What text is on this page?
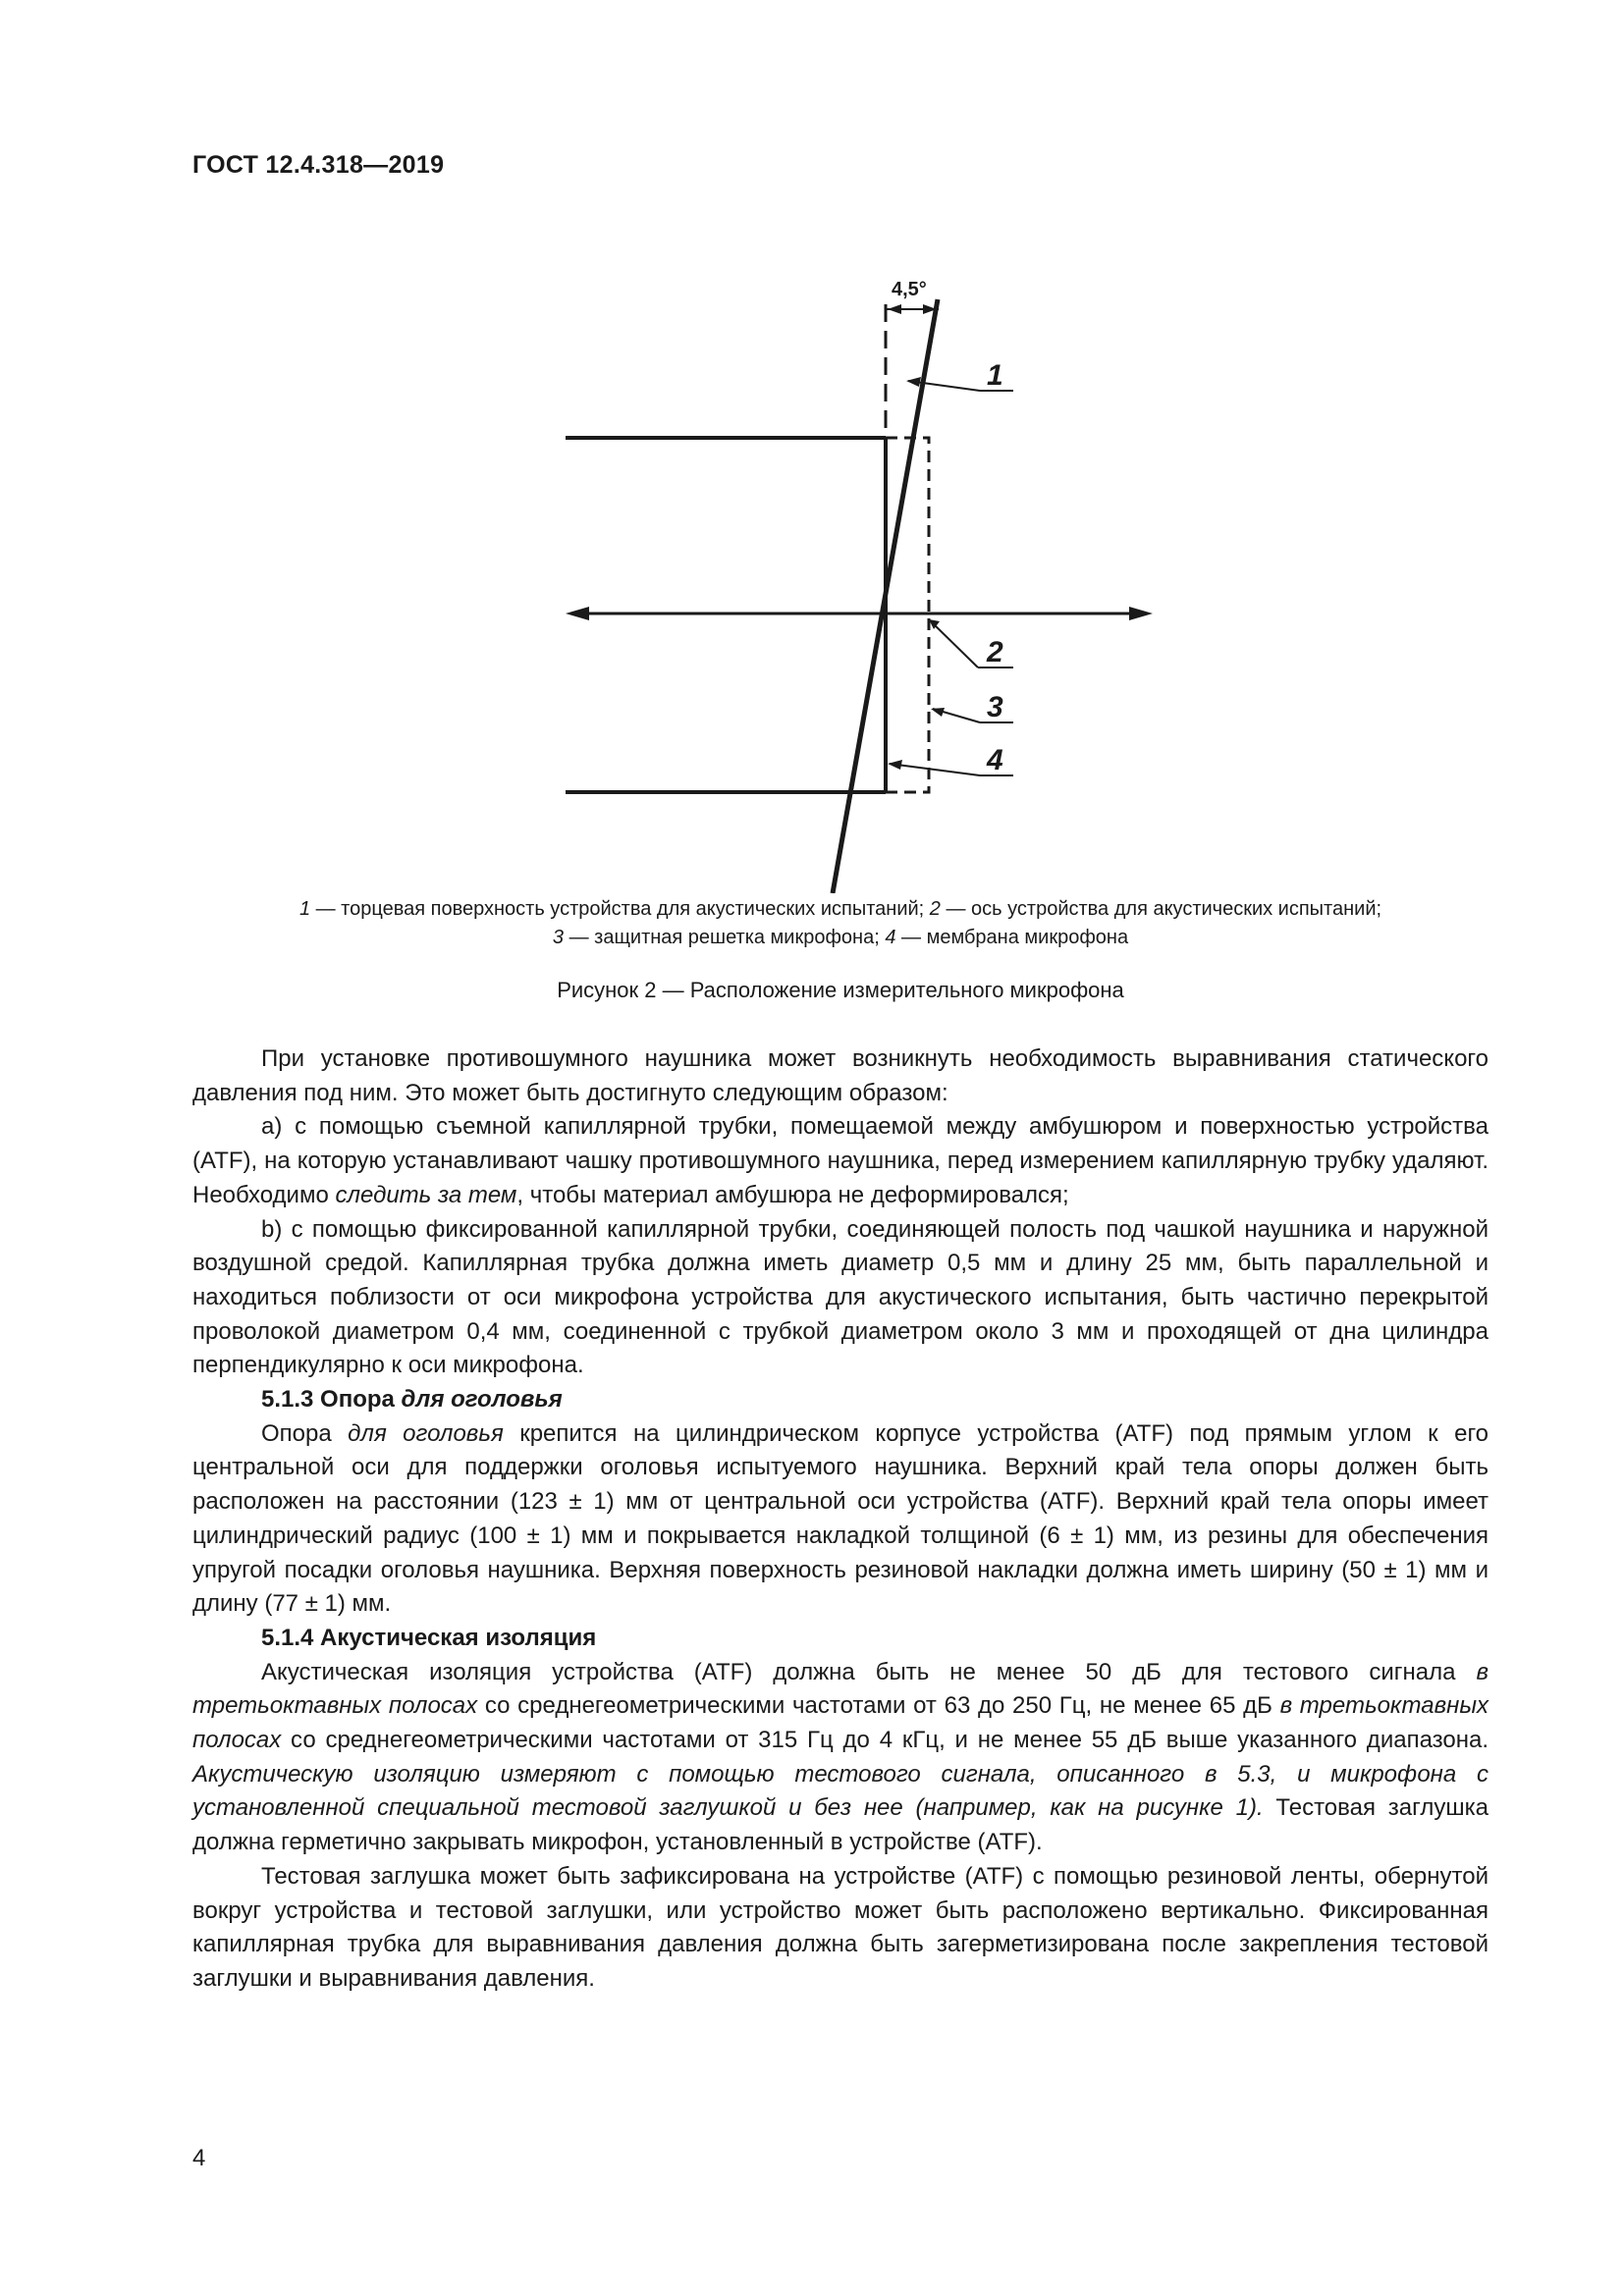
ГОСТ 12.4.318—2019
4,5°
1
2
3
4
1 — торцевая поверхность устройства для акустических испытаний; 2 — ось устройства для акустических испытаний;
3 — защитная решетка микрофона; 4 — мембрана микрофона
Рисунок 2 — Расположение измерительного микрофона

При установке противошумного наушника может возникнуть необходимость выравнивания статического давления под ним. Это может быть достигнуто следующим образом:

a) с помощью съемной капиллярной трубки, помещаемой между амбушюром и поверхностью устройства (ATF), на которую устанавливают чашку противошумного наушника, перед измерением капиллярную трубку удаляют. Необходимо следить за тем, чтобы материал амбушюра не деформировался;

b) с помощью фиксированной капиллярной трубки, соединяющей полость под чашкой наушника и наружной воздушной средой. Капиллярная трубка должна иметь диаметр 0,5 мм и длину 25 мм, быть параллельной и находиться поблизости от оси микрофона устройства для акустического испытания, быть частично перекрытой проволокой диаметром 0,4 мм, соединенной с трубкой диаметром около 3 мм и проходящей от дна цилиндра перпендикулярно к оси микрофона.

5.1.3 Опора для оголовья

Опора для оголовья крепится на цилиндрическом корпусе устройства (ATF) под прямым углом к его центральной оси для поддержки оголовья испытуемого наушника. Верхний край тела опоры должен быть расположен на расстоянии (123 ± 1) мм от центральной оси устройства (ATF). Верхний край тела опоры имеет цилиндрический радиус (100 ± 1) мм и покрывается накладкой толщиной (6 ± 1) мм, из резины для обеспечения упругой посадки оголовья наушника. Верхняя поверхность резиновой накладки должна иметь ширину (50 ± 1) мм и длину (77 ± 1) мм.

5.1.4 Акустическая изоляция

Акустическая изоляция устройства (ATF) должна быть не менее 50 дБ для тестового сигнала в третьоктавных полосах со среднегеометрическими частотами от 63 до 250 Гц, не менее 65 дБ в третьоктавных полосах со среднегеометрическими частотами от 315 Гц до 4 кГц, и не менее 55 дБ выше указанного диапазона. Акустическую изоляцию измеряют с помощью тестового сигнала, описанного в 5.3, и микрофона с установленной специальной тестовой заглушкой и без нее (например, как на рисунке 1). Тестовая заглушка должна герметично закрывать микрофон, установленный в устройстве (ATF).

Тестовая заглушка может быть зафиксирована на устройстве (ATF) с помощью резиновой ленты, обернутой вокруг устройства и тестовой заглушки, или устройство может быть расположено вертикально. Фиксированная капиллярная трубка для выравнивания давления должна быть загерметизирована после закрепления тестовой заглушки и выравнивания давления.

4
